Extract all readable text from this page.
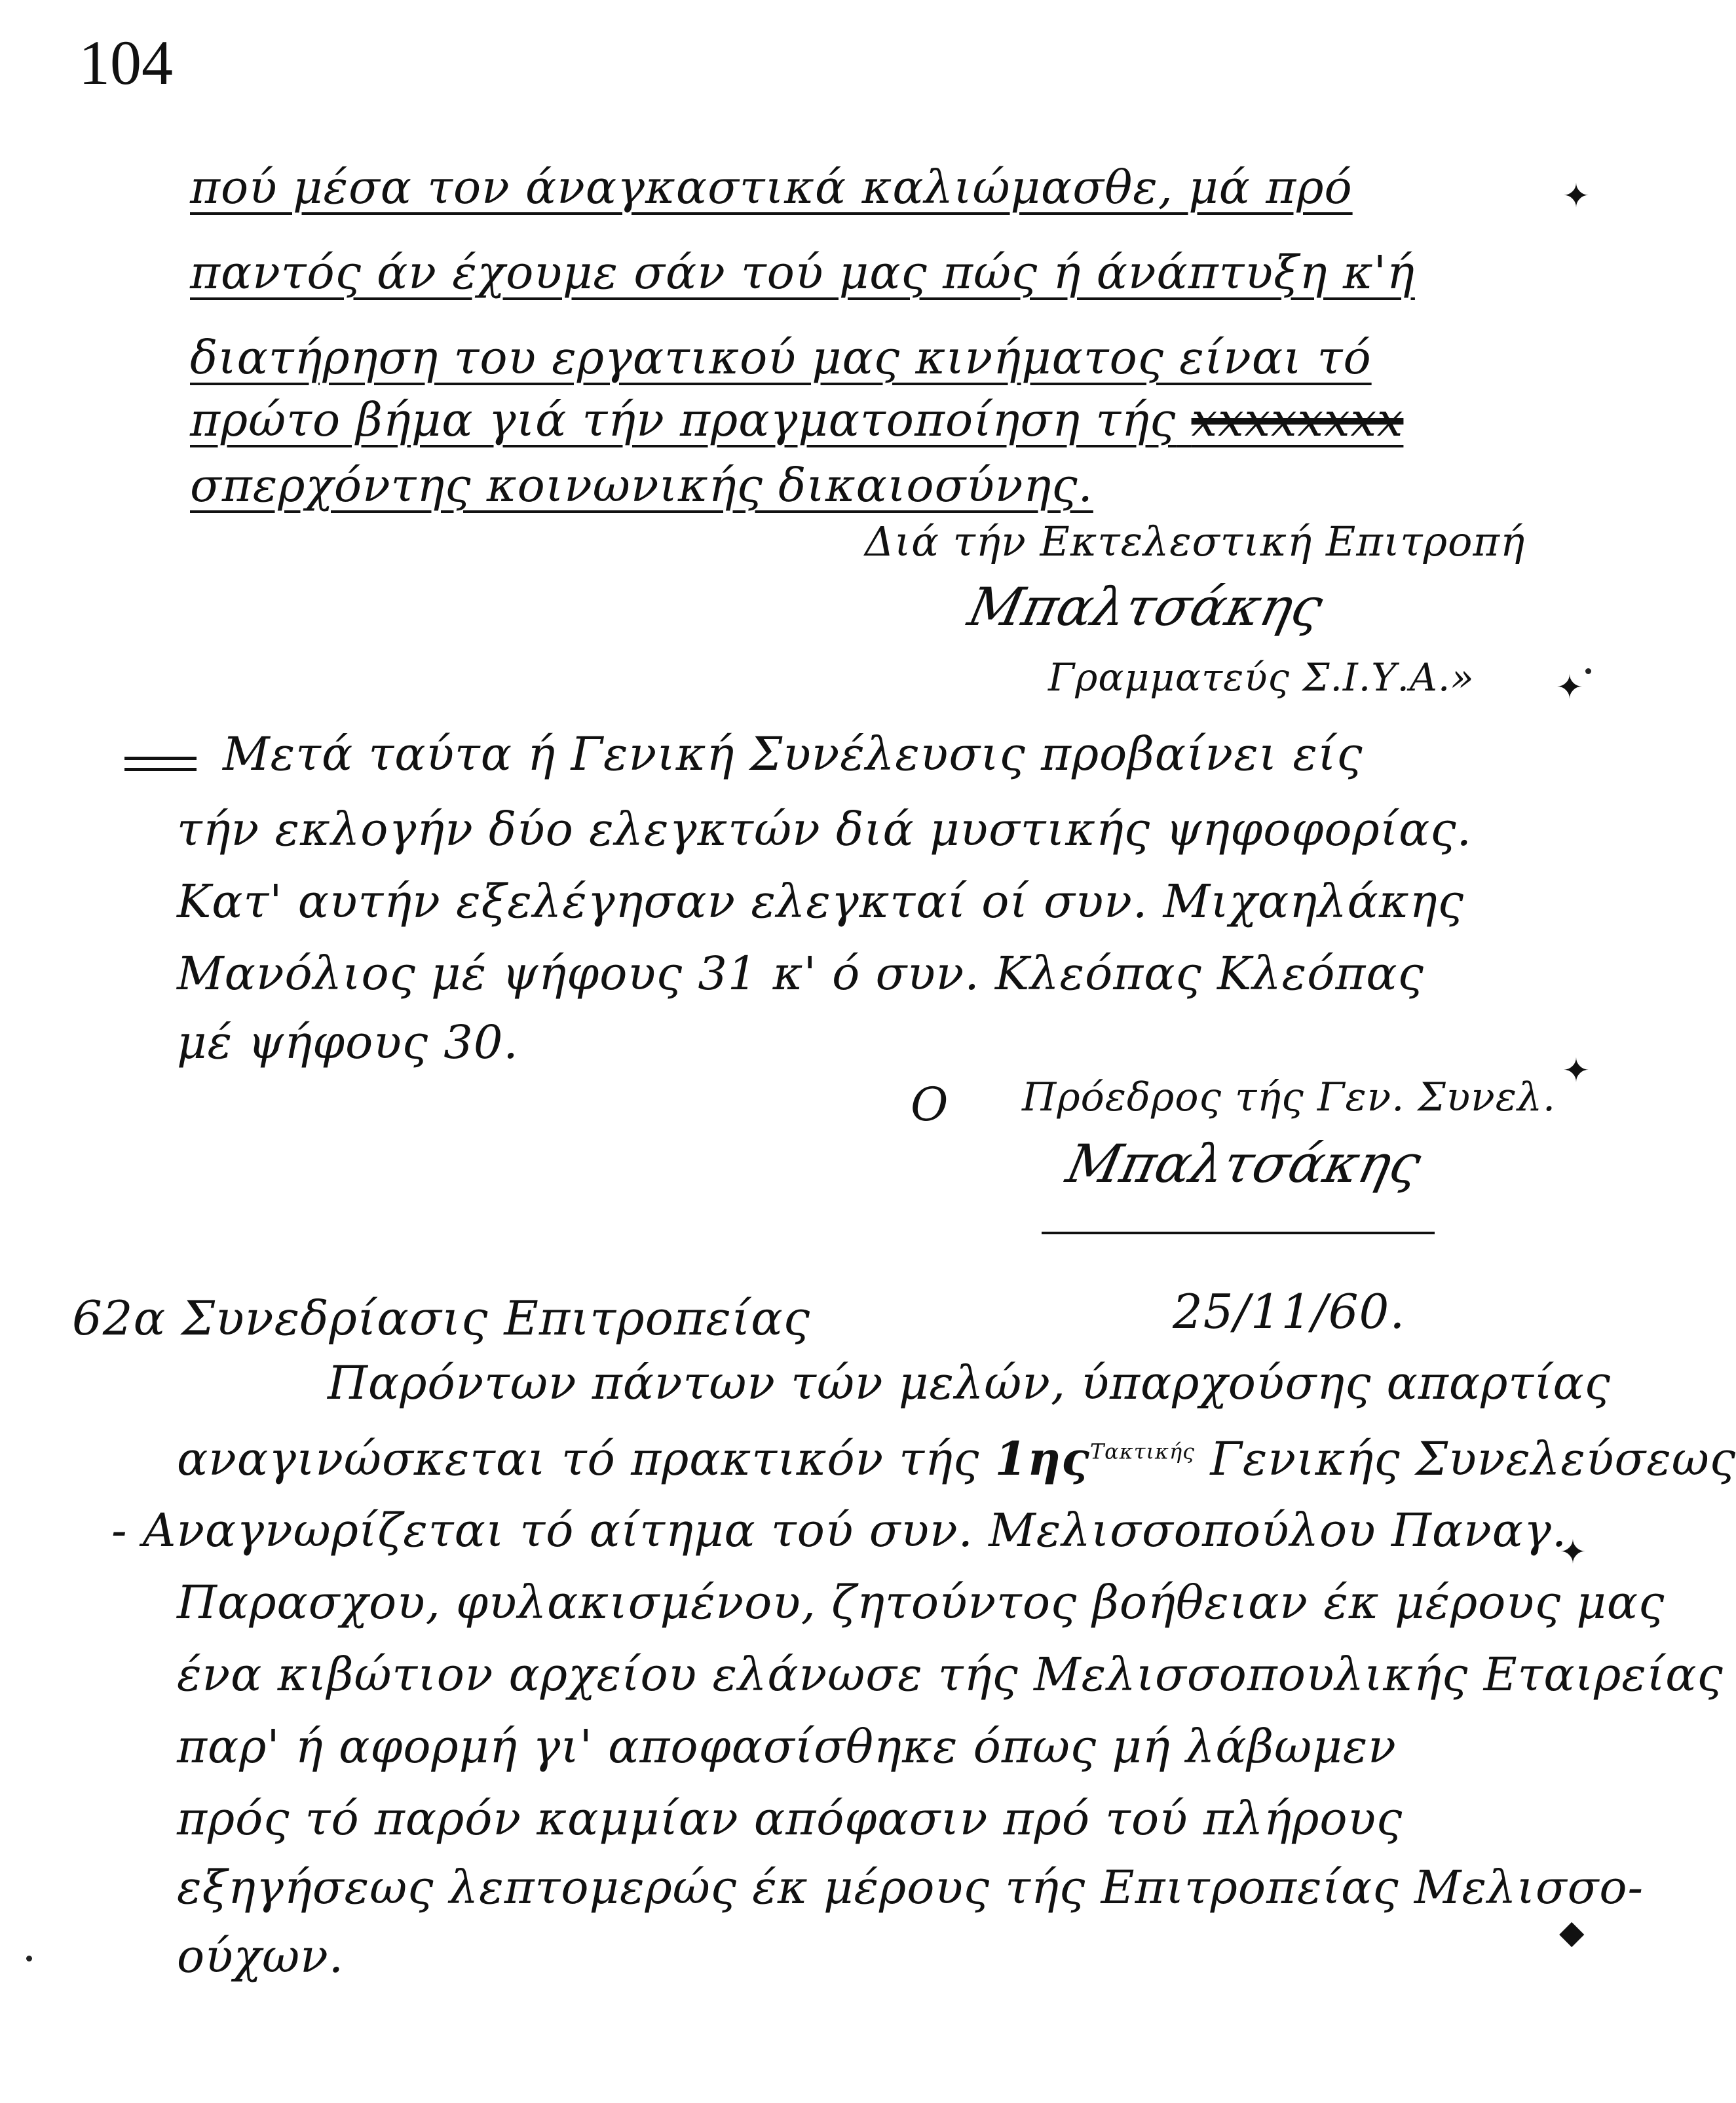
104
πού μέσα τον άναγκαστικά καλιώμασθε, μά πρό
παντός άν έχουμε σάν τού μας πώς ή άνάπτυξη κ'ή
διατήρηση του εργατικού μας κινήματος είναι τό
πρώτο βήμα γιά τήν πραγματοποίηση τής xxxxxxxx
σπερχόντης κοινωνικής δικαιοσύνης.
Διά τήν Εκτελεστική Επιτροπή
Μπαλτσάκης
Γραμματεύς Σ.Ι.Υ.Α.»
Μετά ταύτα ή Γενική Συνέλευσις προβαίνει είς
τήν εκλογήν δύο ελεγκτών διά μυστικής ψηφοφορίας.
Κατ' αυτήν εξελέγησαν ελεγκταί οί συν. Μιχαηλάκης
Μανόλιος μέ ψήφους 31 κ' ό συν. Κλεόπας Κλεόπας
μέ ψήφους 30.
Ο Πρόεδρος τής Γεν. Συνελ.
Μπαλτσάκης
62α Συνεδρίασις Επιτροπείας	25/11/60.
Παρόντων πάντων τών μελών, ύπαρχούσης απαρτίας
αναγινώσκεται τό πρακτικόν τής $1\eta\varsigma^{T\alpha\kappa\tau\iota\kappa ή\varsigma}$ Γενικής Συνελεύσεως
- Αναγνωρίζεται τό αίτημα τού συν. Μελισσοπούλου Παναγ.
Παρασχου, φυλακισμένου, ζητούντος βοήθειαν έκ μέρους μας
ένα κιβώτιον αρχείου ελάνωσε τής Μελισσοπουλικής Εταιρείας
παρ' ή αφορμή γι' αποφασίσθηκε όπως μή λάβωμεν
πρός τό παρόν καμμίαν απόφασιν πρό τού πλήρους
εξηγήσεως λεπτομερώς έκ μέρους τής Επιτροπείας Μελισσο-
ούχων.
✦
✦
✦
✦
◆
